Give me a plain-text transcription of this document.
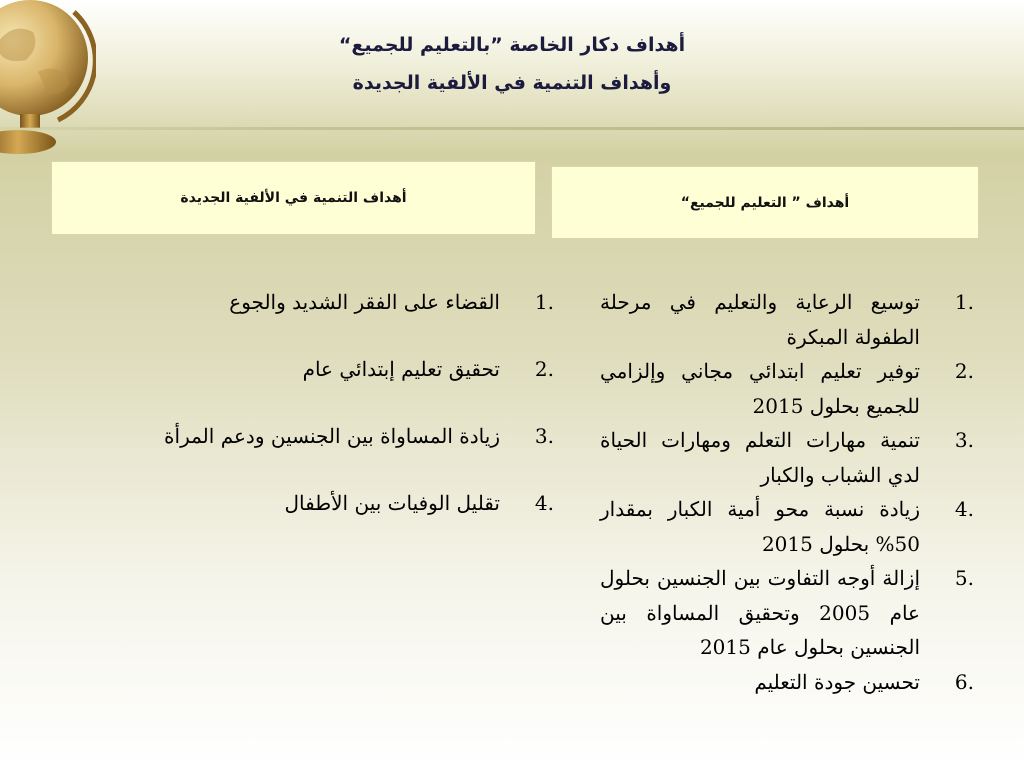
أهداف دكار الخاصة ”بالتعليم للجميع“
وأهداف التنمية في الألفية الجديدة
أهداف التنمية في الألفية الجديدة	أهداف ” التعليم للجميع“
1.
القضاء على الفقر الشديد والجوع
2.
تحقيق تعليم إبتدائي عام
3.
زيادة المساواة بين الجنسين ودعم المرأة
4.
تقليل الوفيات بين الأطفال
1.
توسيع الرعاية والتعليم في مرحلة الطفولة المبكرة
2.
توفير تعليم ابتدائي مجاني وإلزامي للجميع بحلول 2015
3.
تنمية مهارات التعلم ومهارات الحياة لدي الشباب والكبار
4.
زيادة نسبة محو أمية الكبار بمقدار 50% بحلول 2015
5.
إزالة أوجه التفاوت بين الجنسين بحلول عام 2005 وتحقيق المساواة بين الجنسين بحلول عام 2015
6.
تحسين جودة التعليم
